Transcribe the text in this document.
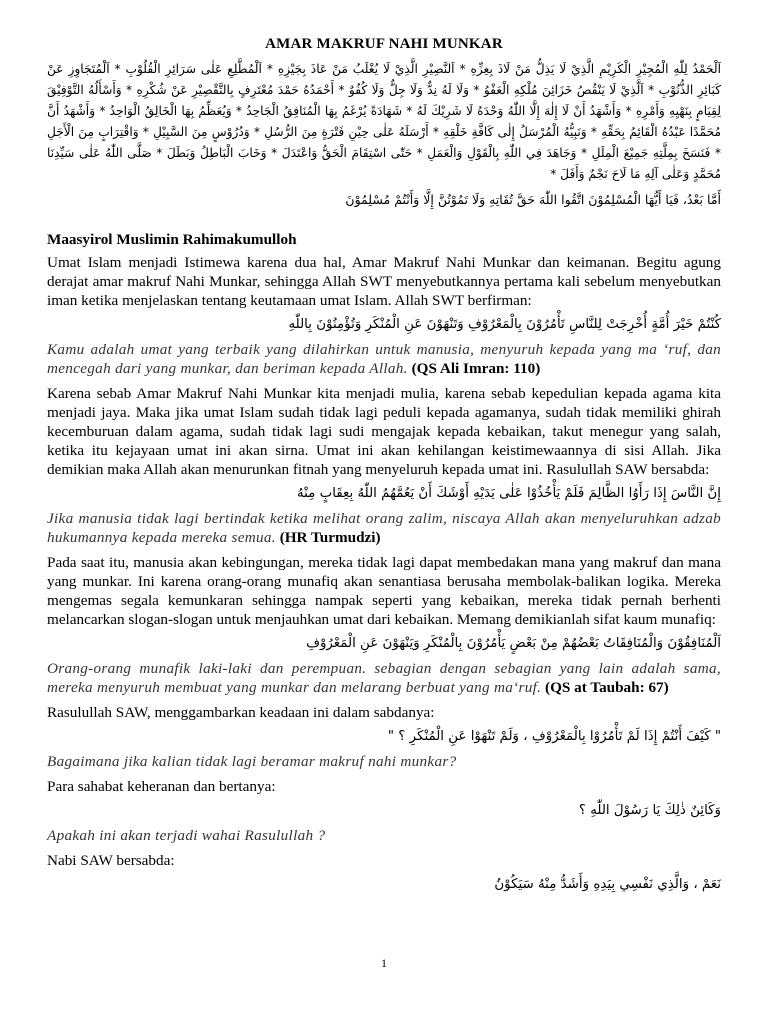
AMAR MAKRUF NAHI MUNKAR

اَلْحَمْدُ لِلّٰهِ الْمُجِيْرِ الْكَرِيْمِ الَّذِيْ لَا يَذِلُّ مَنْ لَاذَ بِعِزِّهِ * اَلنَّصِيْرِ الَّذِيْ لَا يُغْلَبُ مَنْ عَاذَ بِجَيْزِهِ * اَلْمُطَّلِعِ عَلٰى سَرَائِرِ الْقُلُوْبِ * اَلْمُتَجَاوِزِ عَنْ كَبَائِرِ الذُّنُوْبِ * اَلَّذِيْ لَا يَنْقُصُ خَزَائِنَ مُلْكِهِ الْعَفْوُ * وَلَا لَهُ نِدٌّ وَلَا جِلٌّ وَلَا كُفُوٌ * أَحْمَدُهُ حَمْدَ مُعْتَرِفٍ بِالتَّقْصِيْرِ عَنْ شُكْرِهِ * وَأَسْأَلُهُ التَّوْفِيْقَ لِقِيَامٍ بِنَهْيِهِ وَأَمْرِهِ * وَأَشْهَدُ أَنْ لَا إِلٰهَ إِلَّا اللّٰهُ وَحْدَهُ لَا شَرِيْكَ لَهُ * شَهَادَةً يُرْغَمُ بِهَا الْمُنَافِقُ الْجَاحِدُ * وَيُعَظِّمُ بِهَا الْخَالِقُ الْوَاحِدُ * وَأَشْهَدُ أَنَّ مُحَمَّدًا عَبْدُهُ الْقَائِمُ بِحَقِّهِ * وَنَبِيُّهُ الْمُرْسَلُ إِلٰى كَافَّةِ خَلْقِهِ * أَرْسَلَهُ عَلٰى حِيْنِ فَتْرَةٍ مِنَ الرُّسُلِ * وَدُرُوْسٍ مِنَ السَّبِيْلِ * وَاقْتِرَابٍ مِنَ الْأَجَلِ * فَنَسَخَ بِمِلَّتِهِ جَمِيْعَ الْمِلَلِ * وَجَاهَدَ فِي اللّٰهِ بِالْقَوْلِ وَالْعَمَلِ * حَتّٰى اسْتِقَامَ الْحَقُّ وَاعْتَدَلَ * وَخَابَ الْبَاطِلُ وَبَطَلَ * صَلَّى اللّٰهُ عَلٰى سَيِّدِنَا مُحَمَّدٍ وَعَلٰى آلِهِ مَا لَاحَ نَجْمٌ وَأَفَلَ *

أَمَّا بَعْدُ، فَيَا أَيُّهَا الْمُسْلِمُوْنَ اتَّقُوا اللّٰهَ حَقَّ تُقَاتِهِ وَلَا تَمُوْتُنَّ إِلَّا وَأَنْتُمْ مُسْلِمُوْنَ

Maasyirol Muslimin Rahimakumulloh

Umat Islam menjadi Istimewa karena dua hal, Amar Makruf Nahi Munkar dan keimanan. Begitu agung derajat amar makruf Nahi Munkar, sehingga Allah SWT menyebutkannya pertama kali sebelum menyebutkan iman ketika menjelaskan tentang keutamaan umat Islam. Allah SWT berfirman:

كُنْتُمْ خَيْرَ أُمَّةٍ أُخْرِجَتْ لِلنَّاسِ تَأْمُرُوْنَ بِالْمَعْرُوْفِ وَتَنْهَوْنَ عَنِ الْمُنْكَرِ وَتُؤْمِنُوْنَ بِاللّٰهِ

Kamu adalah umat yang terbaik yang dilahirkan untuk manusia, menyuruh kepada yang ma ‘ruf, dan mencegah dari yang munkar, dan beriman kepada Allah. (QS Ali Imran: 110)

Karena sebab Amar Makruf Nahi Munkar kita menjadi mulia, karena sebab kepedulian kepada agama kita menjadi jaya. Maka jika umat Islam sudah tidak lagi peduli kepada agamanya, sudah tidak memiliki ghirah kecemburuan dalam agama, sudah tidak lagi sudi mengajak kepada kebaikan, takut menegur yang salah, ketika itu kejayaan umat ini akan sirna. Umat ini akan kehilangan keistimewaannya di sisi Allah. Jika demikian maka Allah akan menurunkan fitnah yang menyeluruh kepada umat ini. Rasulullah SAW bersabda:

إِنَّ النَّاسَ إِذَا رَأَوُا الظَّالِمَ فَلَمْ يَأْخُذُوْا عَلٰى يَدَيْهِ أَوْشَكَ أَنْ يَعُمَّهُمُ اللّٰهُ بِعِقَابٍ مِنْهُ

Jika manusia tidak lagi bertindak ketika melihat orang zalim, niscaya Allah akan menyeluruhkan adzab hukumannya kepada mereka semua. (HR Turmudzi)

Pada saat itu, manusia akan kebingungan, mereka tidak lagi dapat membedakan mana yang makruf dan mana yang munkar. Ini karena orang-orang munafiq akan senantiasa berusaha membolak-balikan logika. Mereka mengemas segala kemunkaran sehingga nampak seperti yang kebaikan, mereka tidak pernah berhenti melancarkan slogan-slogan untuk menjauhkan umat dari kebaikan. Memang demikianlah sifat kaum munafiq:

اَلْمُنَافِقُوْنَ وَالْمُنَافِقَاتُ بَعْضُهُمْ مِنْ بَعْضٍ يَأْمُرُوْنَ بِالْمُنْكَرِ وَيَنْهَوْنَ عَنِ الْمَعْرُوْفِ

Orang-orang munafik laki-laki dan perempuan. sebagian dengan sebagian yang lain adalah sama, mereka menyuruh membuat yang munkar dan melarang berbuat yang ma‘ruf. (QS at Taubah: 67)

Rasulullah SAW, menggambarkan keadaan ini dalam sabdanya:

" كَيْفَ أَنْتُمْ إِذَا لَمْ تَأْمُرُوْا بِالْمَعْرُوْفِ ، وَلَمْ تَنْهَوْا عَنِ الْمُنْكَرِ ؟ "

Bagaimana jika kalian tidak lagi beramar makruf nahi munkar?

Para sahabat keheranan dan bertanya:

وَكَائِنٌ ذٰلِكَ يَا رَسُوْلَ اللّٰهِ ؟

Apakah ini akan terjadi wahai Rasulullah ?

Nabi SAW bersabda:

نَعَمْ ، وَالَّذِي نَفْسِي بِيَدِهِ وَأَشَدُّ مِنْهُ سَيَكُوْنُ

1
